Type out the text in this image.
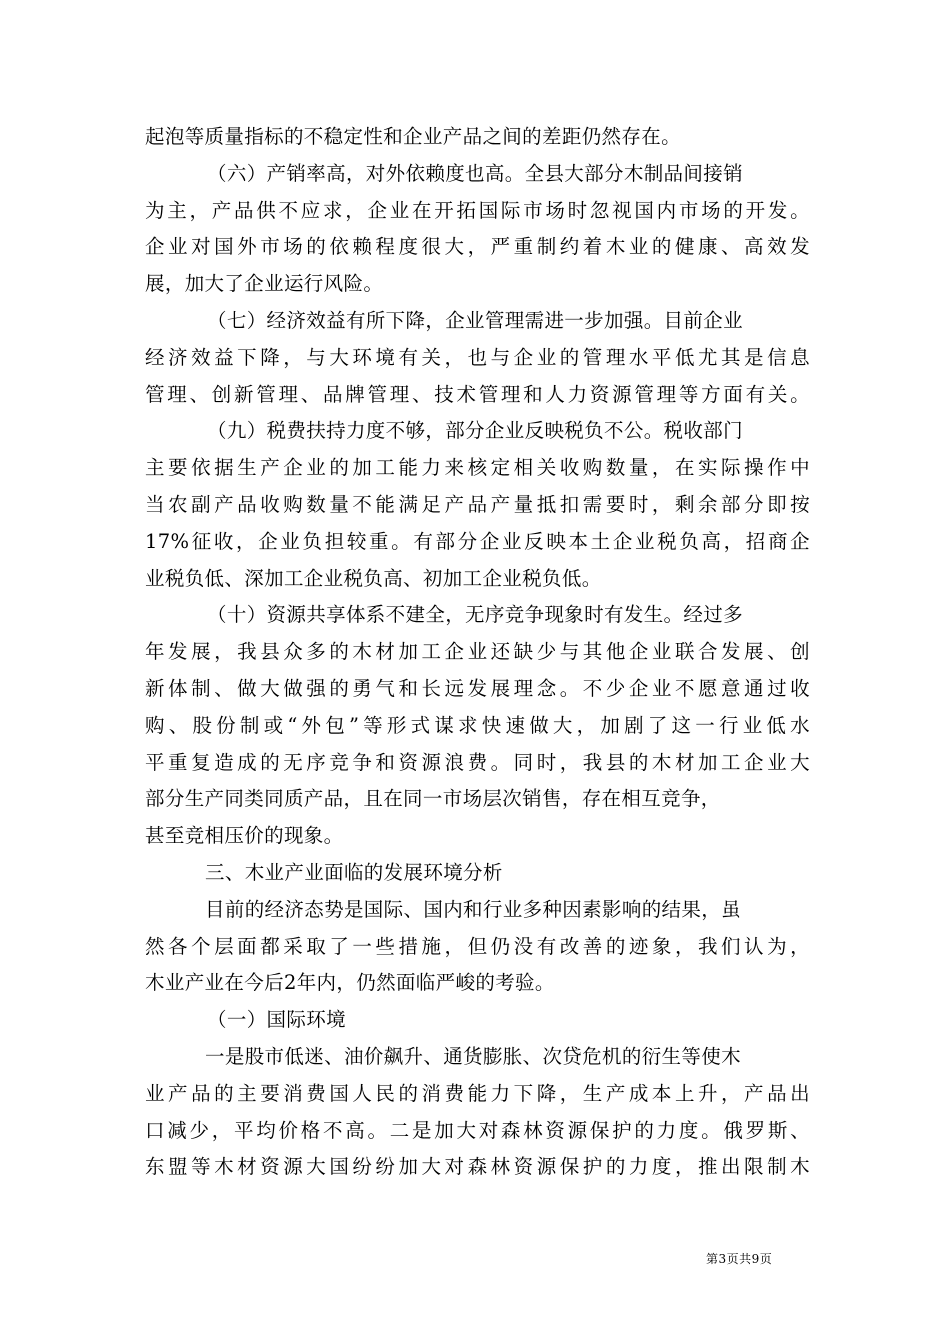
起泡等质量指标的不稳定性和企业产品之间的差距仍然存在。
（六）产销率高，对外依赖度也高。全县大部分木制品间接销
为主，产品供不应求，企业在开拓国际市场时忽视国内市场的开发。
企业对国外市场的依赖程度很大，严重制约着木业的健康、高效发
展，加大了企业运行风险。
（七）经济效益有所下降，企业管理需进一步加强。目前企业
经济效益下降，与大环境有关，也与企业的管理水平低尤其是信息
管理、创新管理、品牌管理、技术管理和人力资源管理等方面有关。
（九）税费扶持力度不够，部分企业反映税负不公。税收部门
主要依据生产企业的加工能力来核定相关收购数量，在实际操作中
当农副产品收购数量不能满足产品产量抵扣需要时，剩余部分即按
17%征收，企业负担较重。有部分企业反映本土企业税负高，招商企
业税负低、深加工企业税负高、初加工企业税负低。
（十）资源共享体系不建全，无序竞争现象时有发生。经过多
年发展，我县众多的木材加工企业还缺少与其他企业联合发展、创
新体制、做大做强的勇气和长远发展理念。不少企业不愿意通过收
购、股份制或“外包”等形式谋求快速做大，加剧了这一行业低水
平重复造成的无序竞争和资源浪费。同时，我县的木材加工企业大
部分生产同类同质产品，且在同一市场层次销售，存在相互竞争，
甚至竞相压价的现象。
三、木业产业面临的发展环境分析
目前的经济态势是国际、国内和行业多种因素影响的结果，虽
然各个层面都采取了一些措施，但仍没有改善的迹象，我们认为，
木业产业在今后2年内，仍然面临严峻的考验。
（一）国际环境
一是股市低迷、油价飙升、通货膨胀、次贷危机的衍生等使木
业产品的主要消费国人民的消费能力下降，生产成本上升，产品出
口减少，平均价格不高。二是加大对森林资源保护的力度。俄罗斯、
东盟等木材资源大国纷纷加大对森林资源保护的力度，推出限制木
第3页共9页
